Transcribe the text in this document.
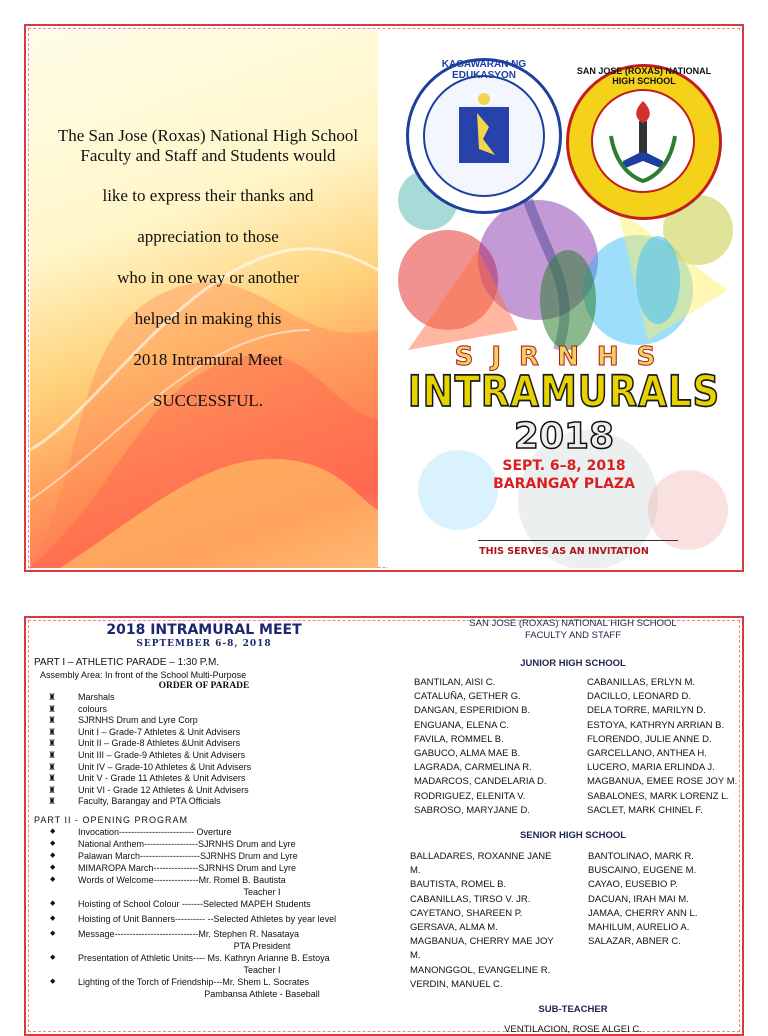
The San Jose (Roxas) National High School
Faculty and Staff and Students would
like to express their thanks and
appreciation to those
who in one way or another
helped in making this
2018 Intramural Meet
SUCCESSFUL.
KAGAWARAN NG EDUKASYON	SAN JOSE (ROXAS) NATIONAL HIGH SCHOOL
SJRNHS
INTRAMURALS
2018
SEPT. 6–8, 2018
BARANGAY PLAZA
THIS SERVES AS AN INVITATION
2018 INTRAMURAL MEET
SEPTEMBER 6-8, 2018
PART I – ATHLETIC PARADE – 1:30 P.M.
Assembly Area: In front of the School Multi-Purpose
ORDER OF PARADE
♜ Marshals
♜ colours
♜ SJRNHS Drum and Lyre Corp
♜ Unit I – Grade-7 Athletes & Unit Advisers
♜ Unit II – Grade-8 Athletes &Unit Advisers
♜ Unit III – Grade-9 Athletes & Unit Advisers
♜ Unit IV – Grade-10 Athletes & Unit Advisers
♜ Unit V - Grade 11 Athletes & Unit Advisers
♜ Unit VI - Grade 12 Athletes & Unit Advisers
♜ Faculty, Barangay and PTA Officials
PART II - OPENING PROGRAM
◆	Invocation------------------------- Overture
◆	National Anthem------------------SJRNHS Drum and Lyre
◆	Palawan March--------------------SJRNHS Drum and Lyre
◆	MIMAROPA March---------------SJRNHS Drum and Lyre
◆	Words of Welcome---------------Mr. Romel B. Bautista
Teacher I
◆	Hoisting of School Colour -------Selected MAPEH Students
◆	Hoisting of Unit Banners---------- --Selected Athletes by year level
◆	Message----------------------------Mr. Stephen R. Nasataya
PTA President
◆	Presentation of Athletic Units---- Ms. Kathryn Arianne B. Estoya
Teacher I
◆	Lighting of the Torch of Friendship---Mr. Shem L. Socrates
Pambansa Athlete - Baseball
SAN JOSE (ROXAS) NATIONAL HIGH SCHOOL
FACULTY AND STAFF
JUNIOR HIGH SCHOOL
BANTILAN, AISI C.
CATALUÑA, GETHER G.
DANGAN, ESPERIDION B.
ENGUANA, ELENA C.
FAVILA, ROMMEL B.
GABUCO, ALMA MAE B.
LAGRADA, CARMELINA R.
MADARCOS, CANDELARIA D.
RODRIGUEZ, ELENITA V.
SABROSO, MARYJANE D.
CABANILLAS, ERLYN M.
DACILLO, LEONARD D.
DELA TORRE, MARILYN D.
ESTOYA, KATHRYN ARRIAN B.
FLORENDO, JULIE ANNE D.
GARCELLANO, ANTHEA H.
LUCERO, MARIA ERLINDA J.
MAGBANUA, EMEE ROSE JOY M.
SABALONES, MARK LORENZ L.
SACLET, MARK CHINEL F.
SENIOR HIGH SCHOOL
BALLADARES, ROXANNE JANE M.
BAUTISTA, ROMEL B.
CABANILLAS, TIRSO V. JR.
CAYETANO, SHAREEN P.
GERSAVA, ALMA M.
MAGBANUA, CHERRY MAE JOY M.
MANONGGOL, EVANGELINE R.
VERDIN, MANUEL C.
BANTOLINAO, MARK R.
BUSCAINO, EUGENE M.
CAYAO, EUSEBIO P.
DACUAN, IRAH MAI M.
JAMAA, CHERRY ANN L.
MAHILUM, AURELIO A.
SALAZAR, ABNER C.
SUB-TEACHER
VENTILACION, ROSE ALGEI C.
